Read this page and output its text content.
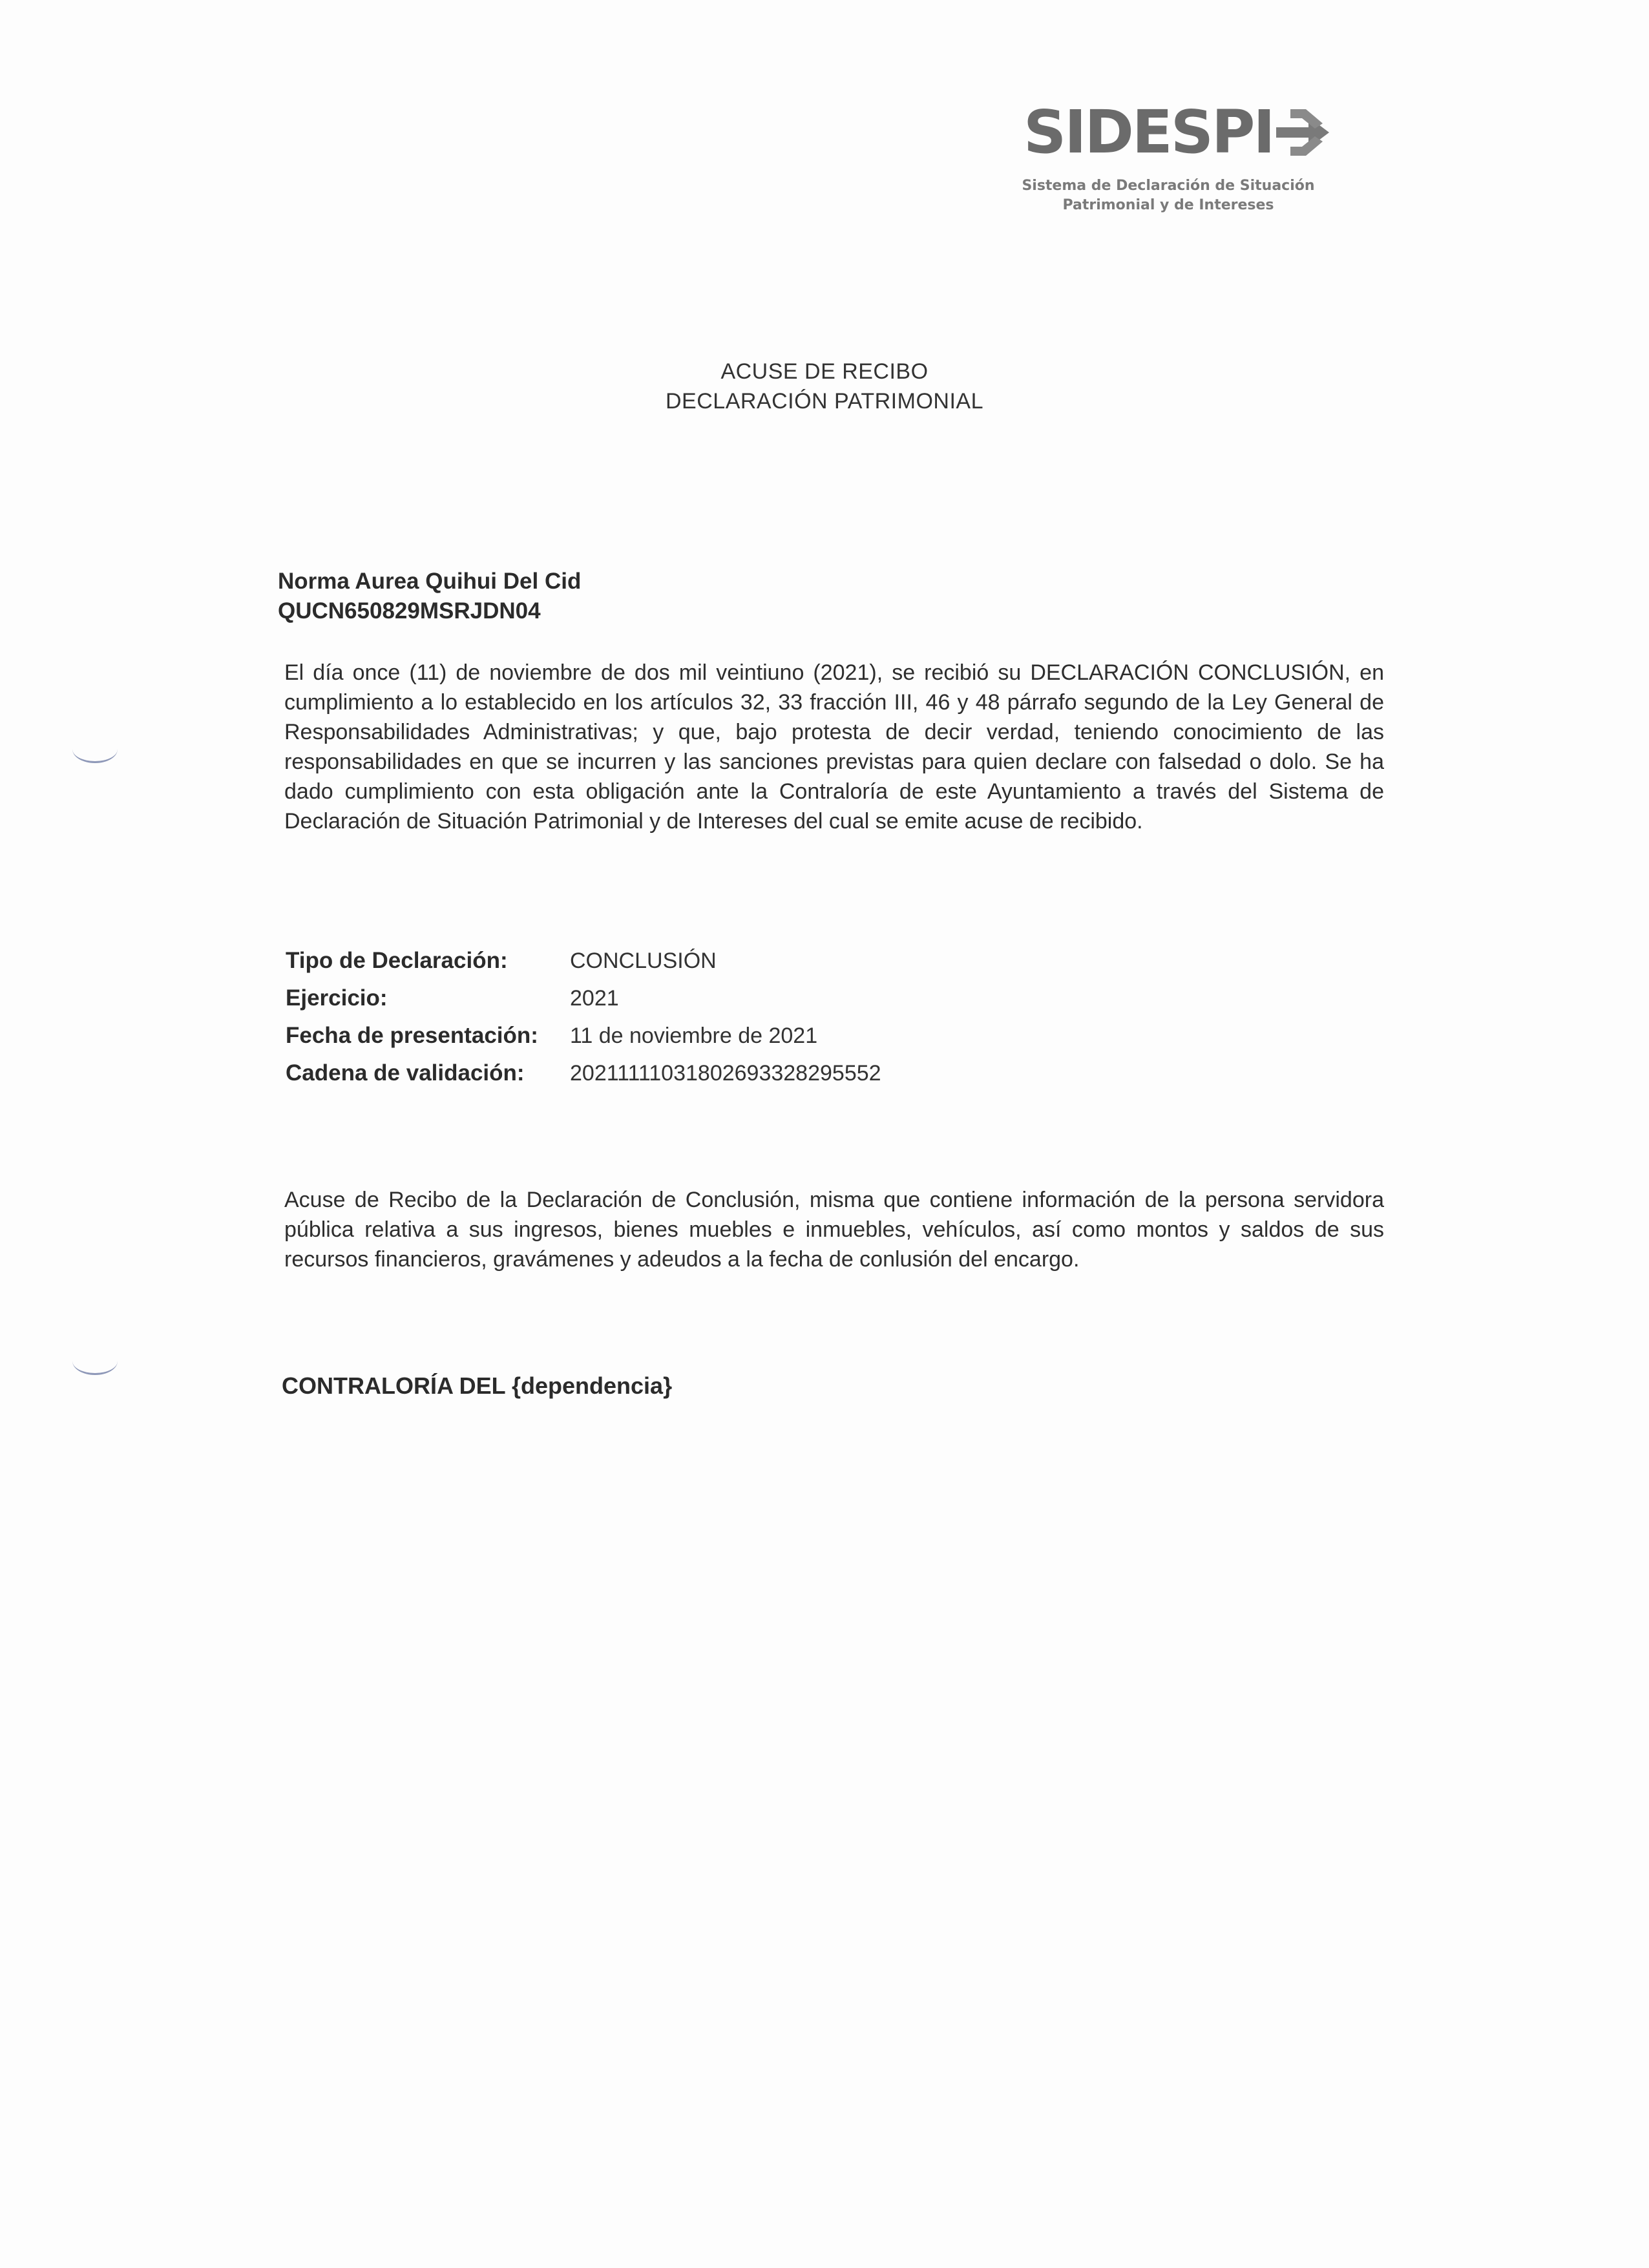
SIDESPI
Sistema de Declaración de Situación
Patrimonial y de Intereses
ACUSE DE RECIBO
DECLARACIÓN PATRIMONIAL
Norma Aurea Quihui Del Cid
QUCN650829MSRJDN04
El día once (11) de noviembre de dos mil veintiuno (2021), se recibió su DECLARACIÓN CONCLUSIÓN, en cumplimiento a lo establecido en los artículos 32, 33 fracción III, 46 y 48 párrafo segundo de la Ley General de Responsabilidades Administrativas; y que, bajo protesta de decir verdad, teniendo conocimiento de las responsabilidades en que se incurren y las sanciones previstas para quien declare con falsedad o dolo. Se ha dado cumplimiento con esta obligación ante la Contraloría de este Ayuntamiento a través del Sistema de Declaración de Situación Patrimonial y de Intereses del cual se emite acuse de recibido.
Tipo de Declaración:	CONCLUSIÓN
Ejercicio:	2021
Fecha de presentación:	11 de noviembre de 2021
Cadena de validación:	20211111031802693328295552
Acuse de Recibo de la Declaración de Conclusión, misma que contiene información de la persona servidora pública relativa a sus ingresos, bienes muebles e inmuebles, vehículos, así como montos y saldos de sus recursos financieros, gravámenes y adeudos a la fecha de conlusión del encargo.
CONTRALORÍA DEL {dependencia}
